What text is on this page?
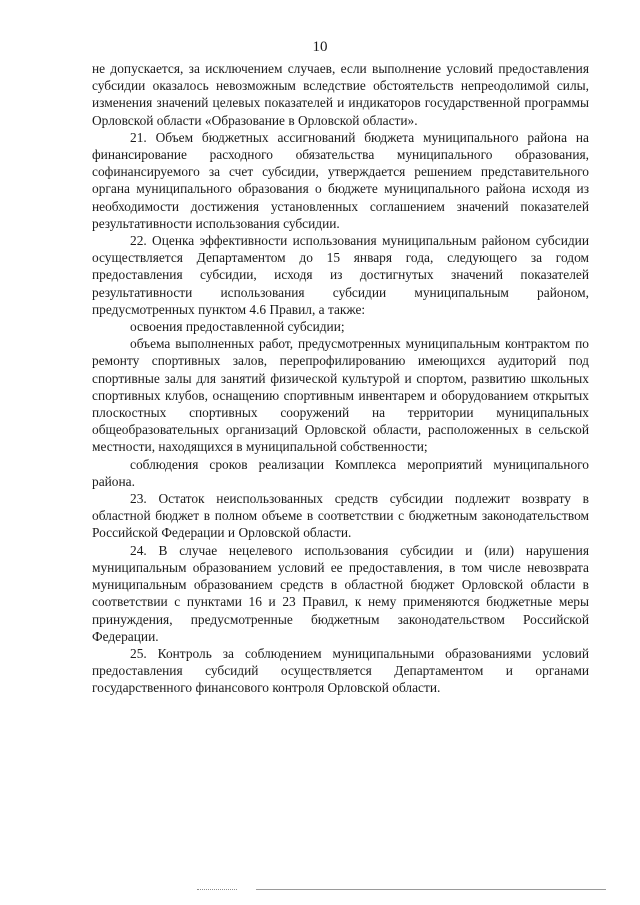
10

не допускается, за исключением случаев, если выполнение условий предоставления субсидии оказалось невозможным вследствие обстоятельств непреодолимой силы, изменения значений целевых показателей и индикаторов государственной программы Орловской области «Образование в Орловской области».

21. Объем бюджетных ассигнований бюджета муниципального района на финансирование расходного обязательства муниципального образования, софинансируемого за счет субсидии, утверждается решением представительного органа муниципального образования о бюджете муниципального района исходя из необходимости достижения установленных соглашением значений показателей результативности использования субсидии.

22. Оценка эффективности использования муниципальным районом субсидии осуществляется Департаментом до 15 января года, следующего за годом предоставления субсидии, исходя из достигнутых значений показателей результативности использования субсидии муниципальным районом, предусмотренных пунктом 4.6 Правил, а также:

освоения предоставленной субсидии;

объема выполненных работ, предусмотренных муниципальным контрактом по ремонту спортивных залов, перепрофилированию имеющихся аудиторий под спортивные залы для занятий физической культурой и спортом, развитию школьных спортивных клубов, оснащению спортивным инвентарем и оборудованием открытых плоскостных спортивных сооружений на территории муниципальных общеобразовательных организаций Орловской области, расположенных в сельской местности, находящихся в муниципальной собственности;

соблюдения сроков реализации Комплекса мероприятий муниципального района.

23. Остаток неиспользованных средств субсидии подлежит возврату в областной бюджет в полном объеме в соответствии с бюджетным законодательством Российской Федерации и Орловской области.

24. В случае нецелевого использования субсидии и (или) нарушения муниципальным образованием условий ее предоставления, в том числе невозврата муниципальным образованием средств в областной бюджет Орловской области в соответствии с пунктами 16 и 23 Правил, к нему применяются бюджетные меры принуждения, предусмотренные бюджетным законодательством Российской Федерации.

25. Контроль за соблюдением муниципальными образованиями условий предоставления субсидий осуществляется Департаментом и органами государственного финансового контроля Орловской области.
